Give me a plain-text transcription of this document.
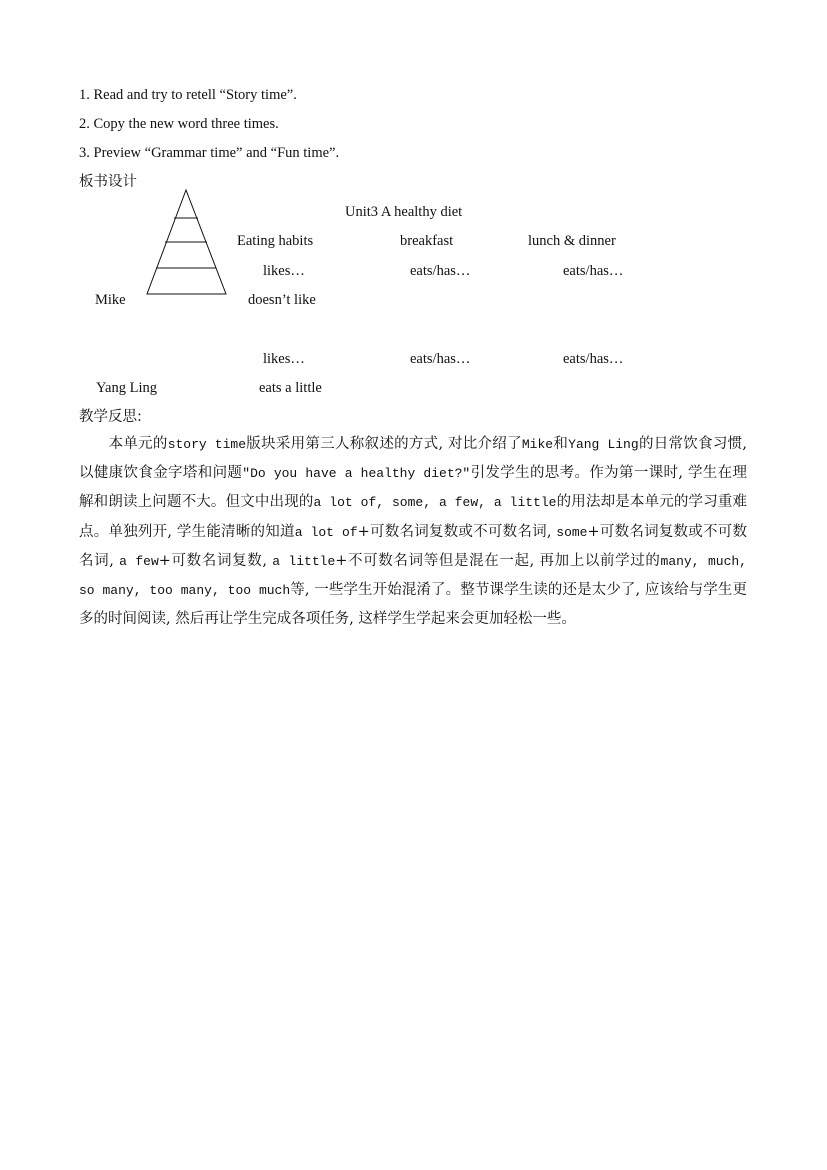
1. Read and try to retell “Story time”.
2. Copy the new word three times.
3. Preview “Grammar time” and “Fun time”.
板书设计
Unit3 A healthy diet
Eating habits	breakfast	lunch & dinner
likes…	eats/has…	eats/has…
Mike	doesn’t like
likes…	eats/has…	eats/has…
Yang Ling	eats a little
教学反思:
　　本单元的story time版块采用第三人称叙述的方式, 对比介绍了Mike和Yang Ling的日常饮食习惯, 以健康饮食金字塔和问题"Do you have a healthy diet?"引发学生的思考。作为第一课时, 学生在理解和朗读上问题不大。但文中出现的a lot of, some, a few, a little的用法却是本单元的学习重难点。单独列开, 学生能清晰的知道a lot of+可数名词复数或不可数名词, some+可数名词复数或不可数名词, a few+可数名词复数, a little+不可数名词等但是混在一起, 再加上以前学过的many, much, so many, too many, too much等, 一些学生开始混淆了。整节课学生读的还是太少了, 应该给与学生更多的时间阅读, 然后再让学生完成各项任务, 这样学生学起来会更加轻松一些。
